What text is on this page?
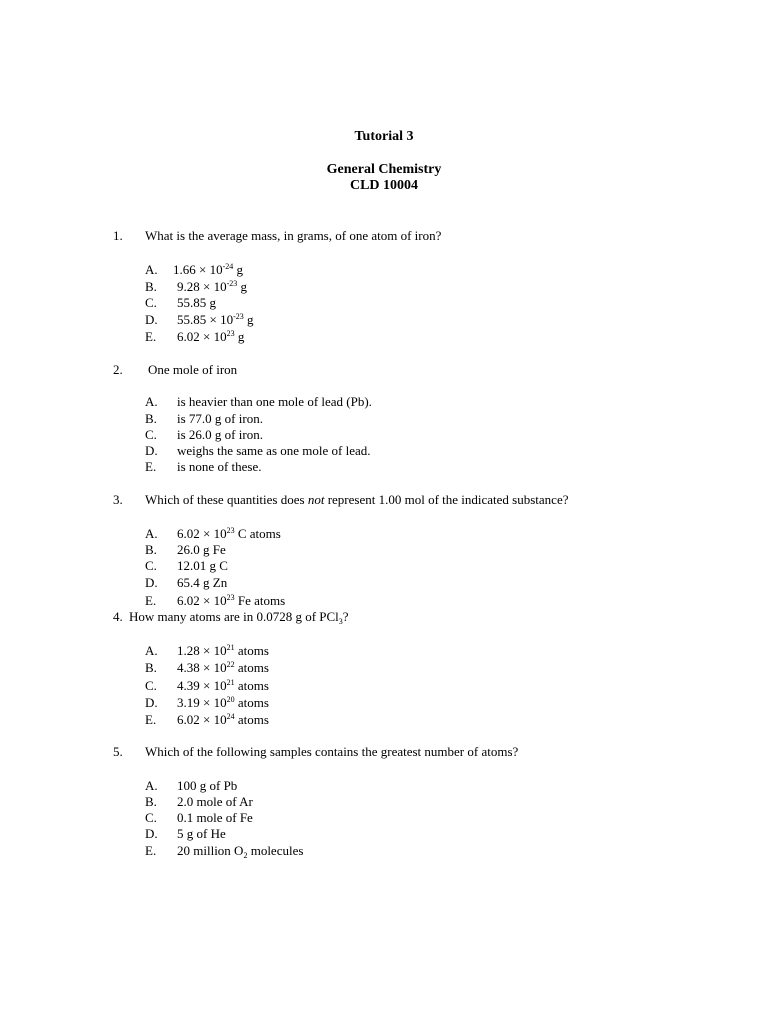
Tutorial 3
General Chemistry
CLD 10004
1. What is the average mass, in grams, of one atom of iron?
A. $1.66 \times 10^{-24}$ g
B. $9.28 \times 10^{-23}$ g
C. 55.85 g
D. $55.85 \times 10^{-23}$ g
E. $6.02 \times 10^{23}$ g
2. One mole of iron
A. is heavier than one mole of lead (Pb).
B. is 77.0 g of iron.
C. is 26.0 g of iron.
D. weighs the same as one mole of lead.
E. is none of these.
3. Which of these quantities does not represent 1.00 mol of the indicated substance?
A. $6.02 \times 10^{23}$ C atoms
B. 26.0 g Fe
C. 12.01 g C
D. 65.4 g Zn
E. $6.02 \times 10^{23}$ Fe atoms
4. How many atoms are in 0.0728 g of PCl$_3$?
A. $1.28 \times 10^{21}$ atoms
B. $4.38 \times 10^{22}$ atoms
C. $4.39 \times 10^{21}$ atoms
D. $3.19 \times 10^{20}$ atoms
E. $6.02 \times 10^{24}$ atoms
5. Which of the following samples contains the greatest number of atoms?
A. 100 g of Pb
B. 2.0 mole of Ar
C. 0.1 mole of Fe
D. 5 g of He
E. 20 million $O_2$ molecules
